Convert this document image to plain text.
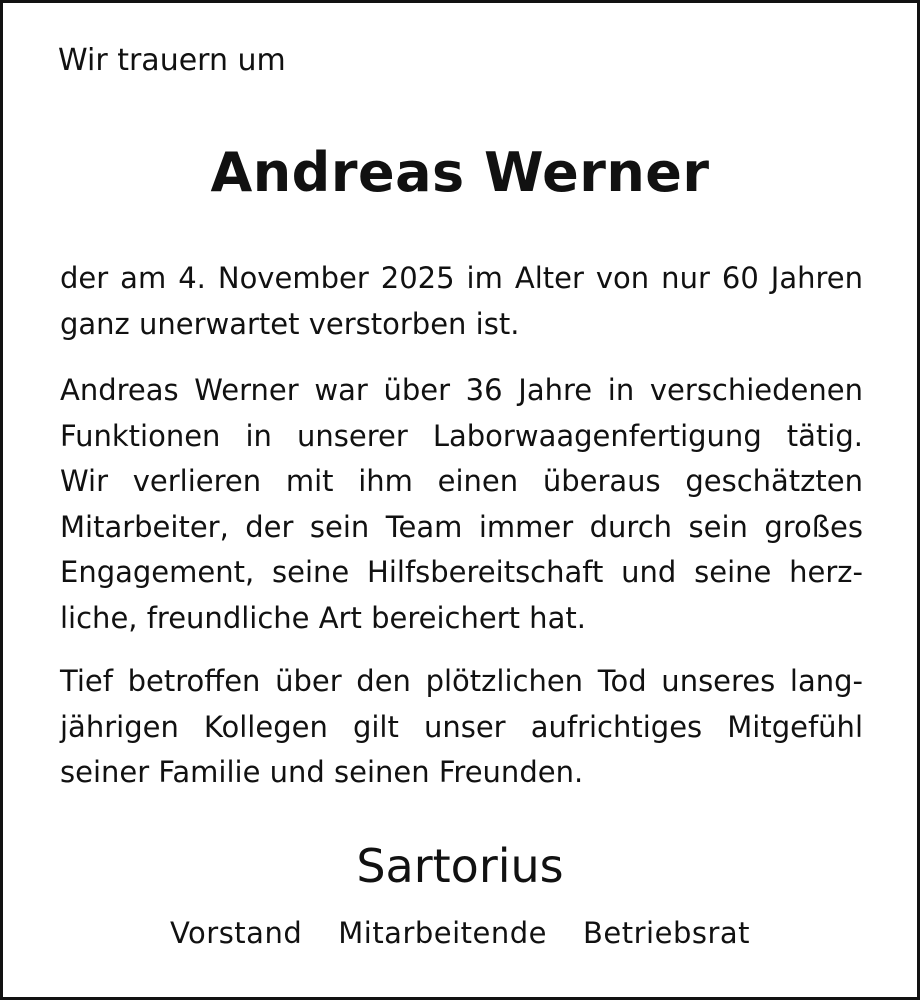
Wir trauern um

Andreas Werner

der am 4. November 2025 im Alter von nur 60 Jahren
ganz unerwartet verstorben ist.

Andreas Werner war über 36 Jahre in verschiedenen
Funktionen in unserer Laborwaagenfertigung tätig.
Wir verlieren mit ihm einen überaus geschätzten
Mitarbeiter, der sein Team immer durch sein großes
Engagement, seine Hilfsbereitschaft und seine herz-
liche, freundliche Art bereichert hat.

Tief betroffen über den plötzlichen Tod unseres lang-
jährigen Kollegen gilt unser aufrichtiges Mitgefühl
seiner Familie und seinen Freunden.

Sartorius

Vorstand Mitarbeitende Betriebsrat
